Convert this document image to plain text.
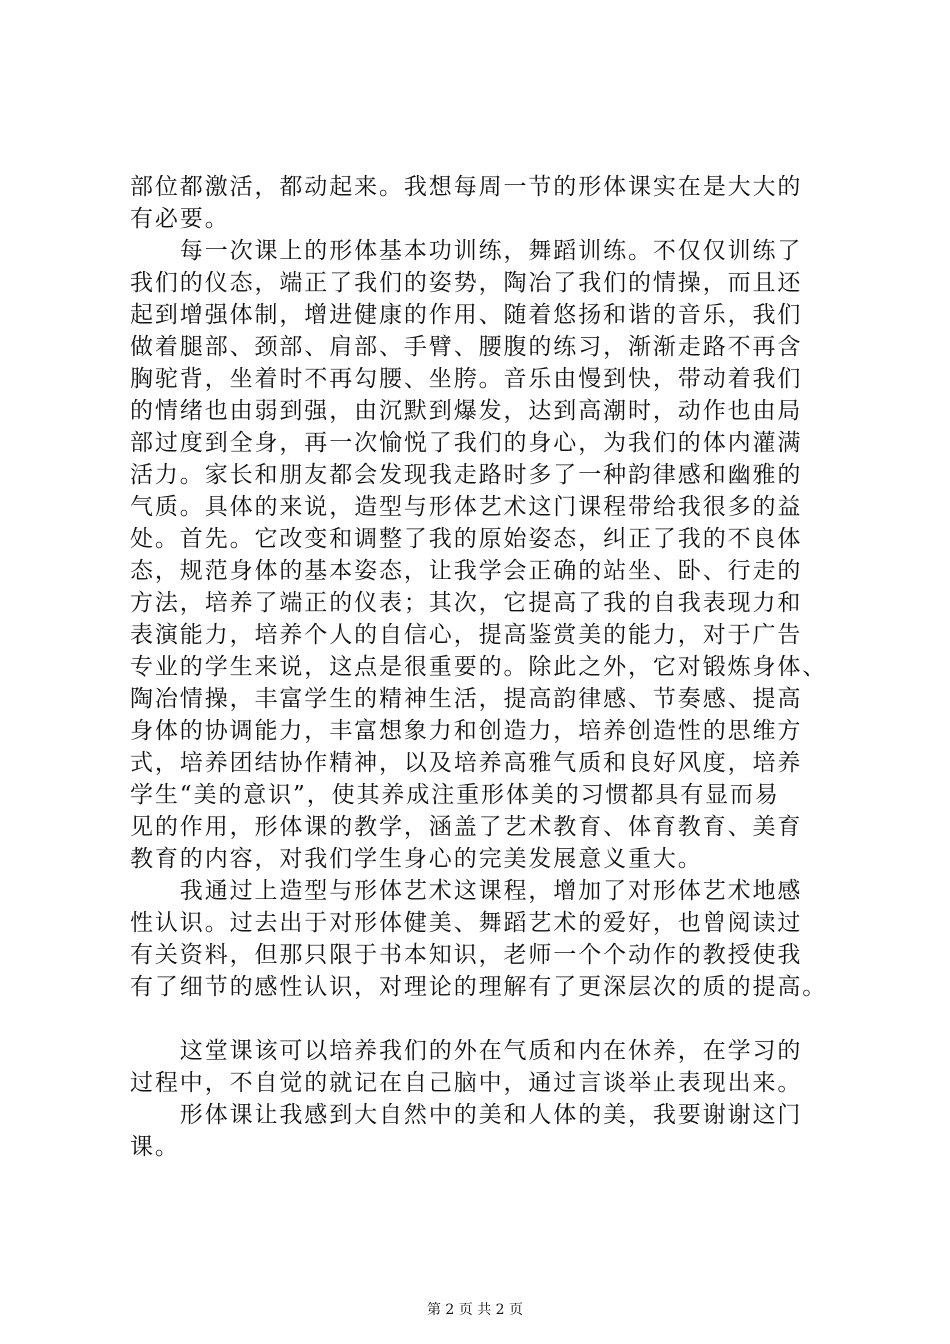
部位都激活，都动起来。我想每周一节的形体课实在是大大的
有必要。
　　每一次课上的形体基本功训练，舞蹈训练。不仅仅训练了
我们的仪态，端正了我们的姿势，陶冶了我们的情操，而且还
起到增强体制，增进健康的作用、随着悠扬和谐的音乐，我们
做着腿部、颈部、肩部、手臂、腰腹的练习，渐渐走路不再含
胸驼背，坐着时不再勾腰、坐胯。音乐由慢到快，带动着我们
的情绪也由弱到强，由沉默到爆发，达到高潮时，动作也由局
部过度到全身，再一次愉悦了我们的身心，为我们的体内灌满
活力。家长和朋友都会发现我走路时多了一种韵律感和幽雅的
气质。具体的来说，造型与形体艺术这门课程带给我很多的益
处。首先。它改变和调整了我的原始姿态，纠正了我的不良体
态，规范身体的基本姿态，让我学会正确的站坐、卧、行走的
方法，培养了端正的仪表；其次，它提高了我的自我表现力和
表演能力，培养个人的自信心，提高鉴赏美的能力，对于广告
专业的学生来说，这点是很重要的。除此之外，它对锻炼身体、
陶冶情操，丰富学生的精神生活，提高韵律感、节奏感、提高
身体的协调能力，丰富想象力和创造力，培养创造性的思维方
式，培养团结协作精神，以及培养高雅气质和良好风度，培养
学生“美的意识”，使其养成注重形体美的习惯都具有显而易
见的作用，形体课的教学，涵盖了艺术教育、体育教育、美育
教育的内容，对我们学生身心的完美发展意义重大。
　　我通过上造型与形体艺术这课程，增加了对形体艺术地感
性认识。过去出于对形体健美、舞蹈艺术的爱好，也曾阅读过
有关资料，但那只限于书本知识，老师一个个动作的教授使我
有了细节的感性认识，对理论的理解有了更深层次的质的提高。
　　这堂课该可以培养我们的外在气质和内在休养，在学习的
过程中，不自觉的就记在自己脑中，通过言谈举止表现出来。
　　形体课让我感到大自然中的美和人体的美，我要谢谢这门
课。
第 2 页 共 2 页
